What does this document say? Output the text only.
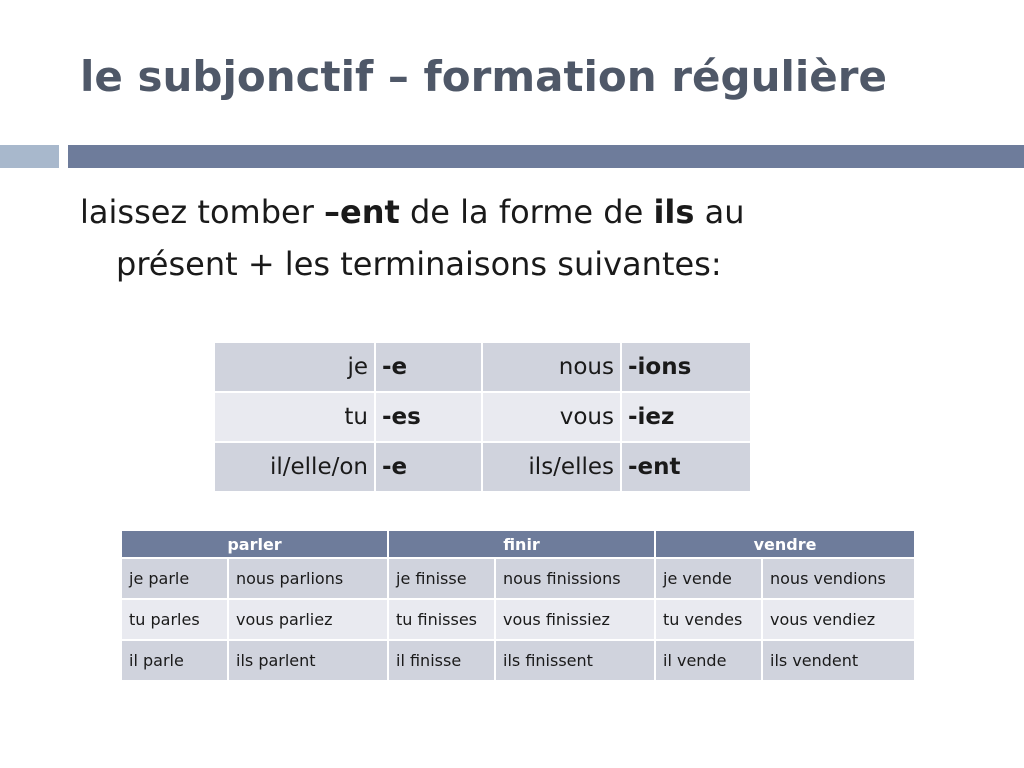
le subjonctif – formation régulière
laissez tomber –ent de la forme de ils au
présent + les terminaisons suivantes:
je	-e	nous	-ions
tu	-es	vous	-iez
il/elle/on	-e	ils/elles	-ent
parler		finir		vendre	
je parle	nous parlions	je finisse	nous finissions	je vende	nous vendions
tu parles	vous parliez	tu finisses	vous finissiez	tu vendes	vous vendiez
il parle	ils parlent	il finisse	ils finissent	il vende	ils vendent
